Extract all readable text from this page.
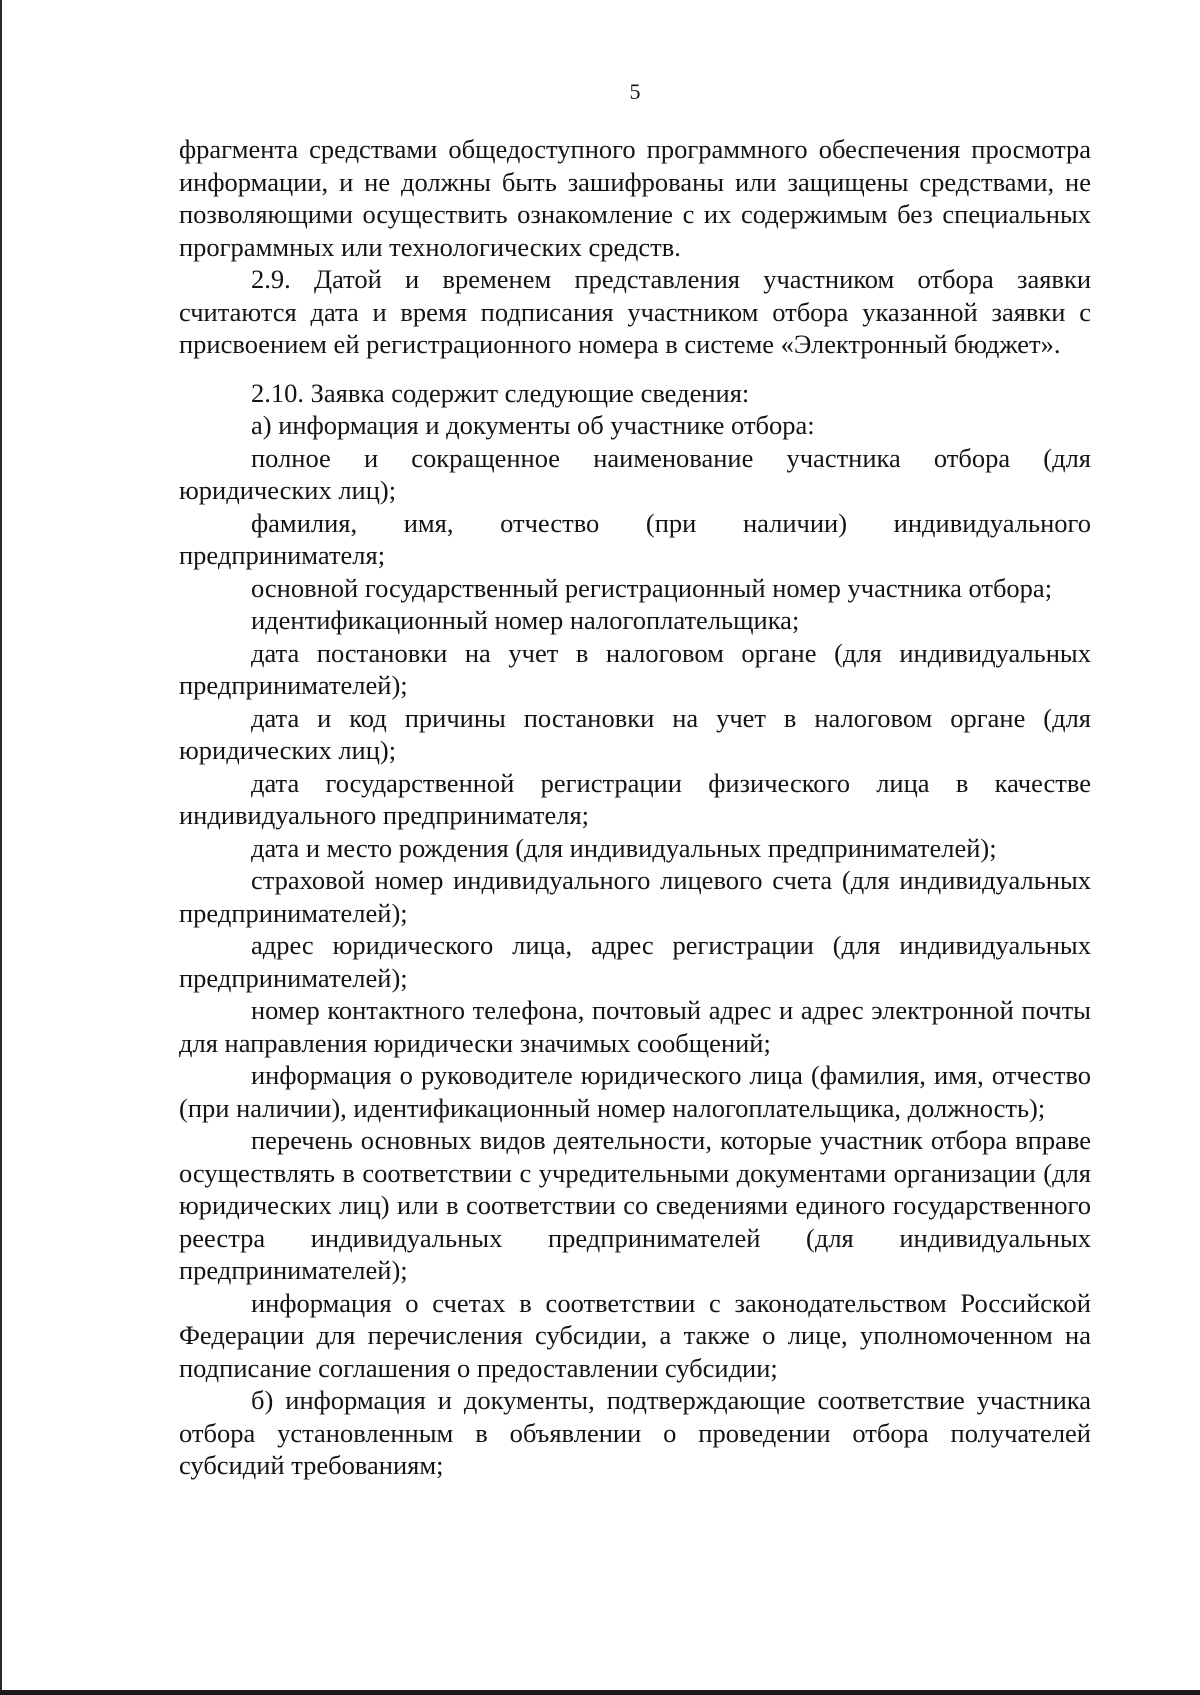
5

фрагмента средствами общедоступного программного обеспечения просмотра информации, и не должны быть зашифрованы или защищены средствами, не позволяющими осуществить ознакомление с их содержимым без специальных программных или технологических средств.

2.9. Датой и временем представления участником отбора заявки считаются дата и время подписания участником отбора указанной заявки с присвоением ей регистрационного номера в системе «Электронный бюджет».

2.10. Заявка содержит следующие сведения:

а) информация и документы об участнике отбора:

полное и сокращенное наименование участника отбора (для юридических лиц);

фамилия, имя, отчество (при наличии) индивидуального предпринимателя;

основной государственный регистрационный номер участника отбора;

идентификационный номер налогоплательщика;

дата постановки на учет в налоговом органе (для индивидуальных предпринимателей);

дата и код причины постановки на учет в налоговом органе (для юридических лиц);

дата государственной регистрации физического лица в качестве индивидуального предпринимателя;

дата и место рождения (для индивидуальных предпринимателей);

страховой номер индивидуального лицевого счета (для индивидуальных предпринимателей);

адрес юридического лица, адрес регистрации (для индивидуальных предпринимателей);

номер контактного телефона, почтовый адрес и адрес электронной почты для направления юридически значимых сообщений;

информация о руководителе юридического лица (фамилия, имя, отчество (при наличии), идентификационный номер налогоплательщика, должность);

перечень основных видов деятельности, которые участник отбора вправе осуществлять в соответствии с учредительными документами организации (для юридических лиц) или в соответствии со сведениями единого государственного реестра индивидуальных предпринимателей (для индивидуальных предпринимателей);

информация о счетах в соответствии с законодательством Российской Федерации для перечисления субсидии, а также о лице, уполномоченном на подписание соглашения о предоставлении субсидии;

б) информация и документы, подтверждающие соответствие участника отбора установленным в объявлении о проведении отбора получателей субсидий требованиям;
